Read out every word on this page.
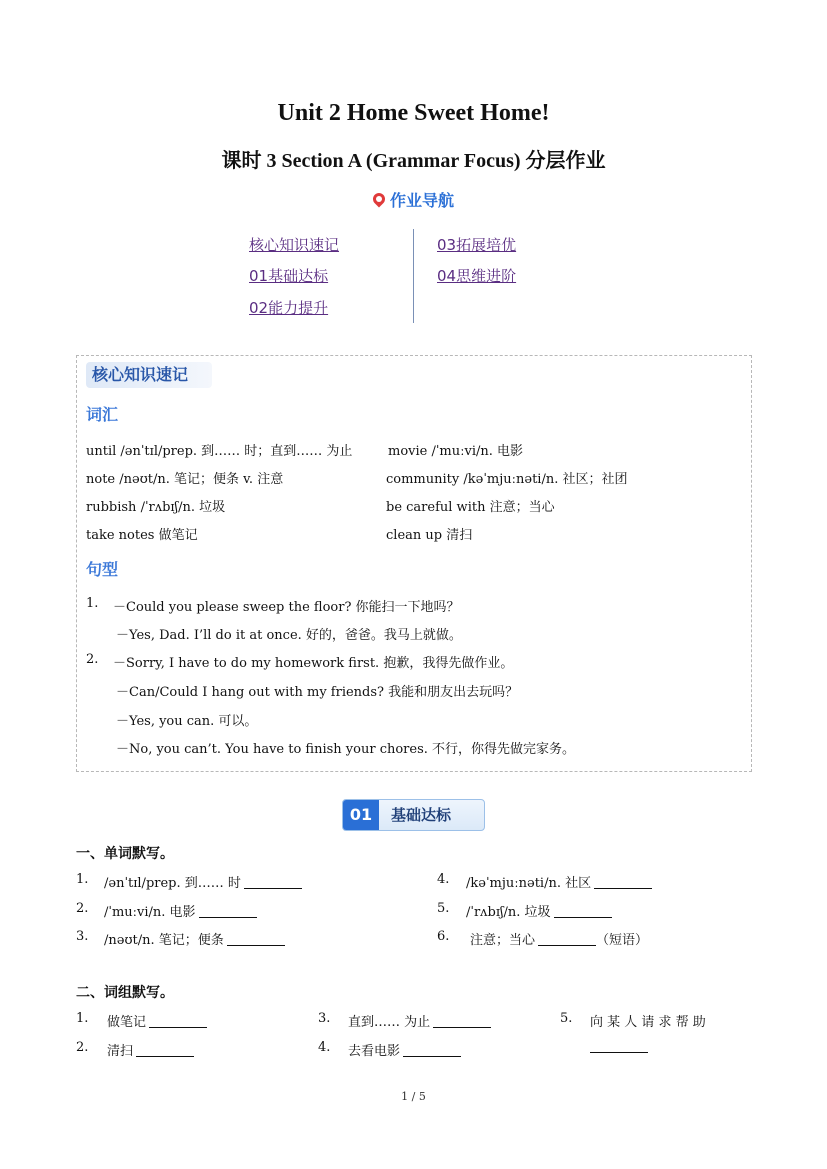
Unit 2 Home Sweet Home!
课时 3 Section A (Grammar Focus) 分层作业
作业导航
核心知识速记
01基础达标
02能力提升
03拓展培优
04思维进阶
核心知识速记
词汇
until /ənˈtɪl/prep. 到…… 时；直到…… 为止	movie /ˈmuːvi/n. 电影
note /nəʊt/n. 笔记；便条 v. 注意	community /kəˈmjuːnəti/n. 社区；社团
rubbish /ˈrʌbɪʃ/n. 垃圾	be careful with 注意；当心
take notes 做笔记	clean up 清扫
句型
1. －Could you please sweep the floor? 你能扫一下地吗？
－Yes, Dad. I’ll do it at once. 好的，爸爸。我马上就做。
2. －Sorry, I have to do my homework first. 抱歉，我得先做作业。
－Can/Could I hang out with my friends? 我能和朋友出去玩吗？
－Yes, you can. 可以。
－No, you can’t. You have to finish your chores. 不行，你得先做完家务。
01	基础达标
一、单词默写。
1. /ənˈtɪl/prep. 到…… 时
2. /ˈmuːvi/n. 电影
3. /nəʊt/n. 笔记；便条
4. /kəˈmjuːnəti/n. 社区
5. /ˈrʌbɪʃ/n. 垃圾
6. 注意；当心	（短语）
二、词组默写。
1. 做笔记
2. 清扫
3. 直到…… 为止
4. 去看电影
5. 向 某 人 请 求 帮 助
1 / 5
